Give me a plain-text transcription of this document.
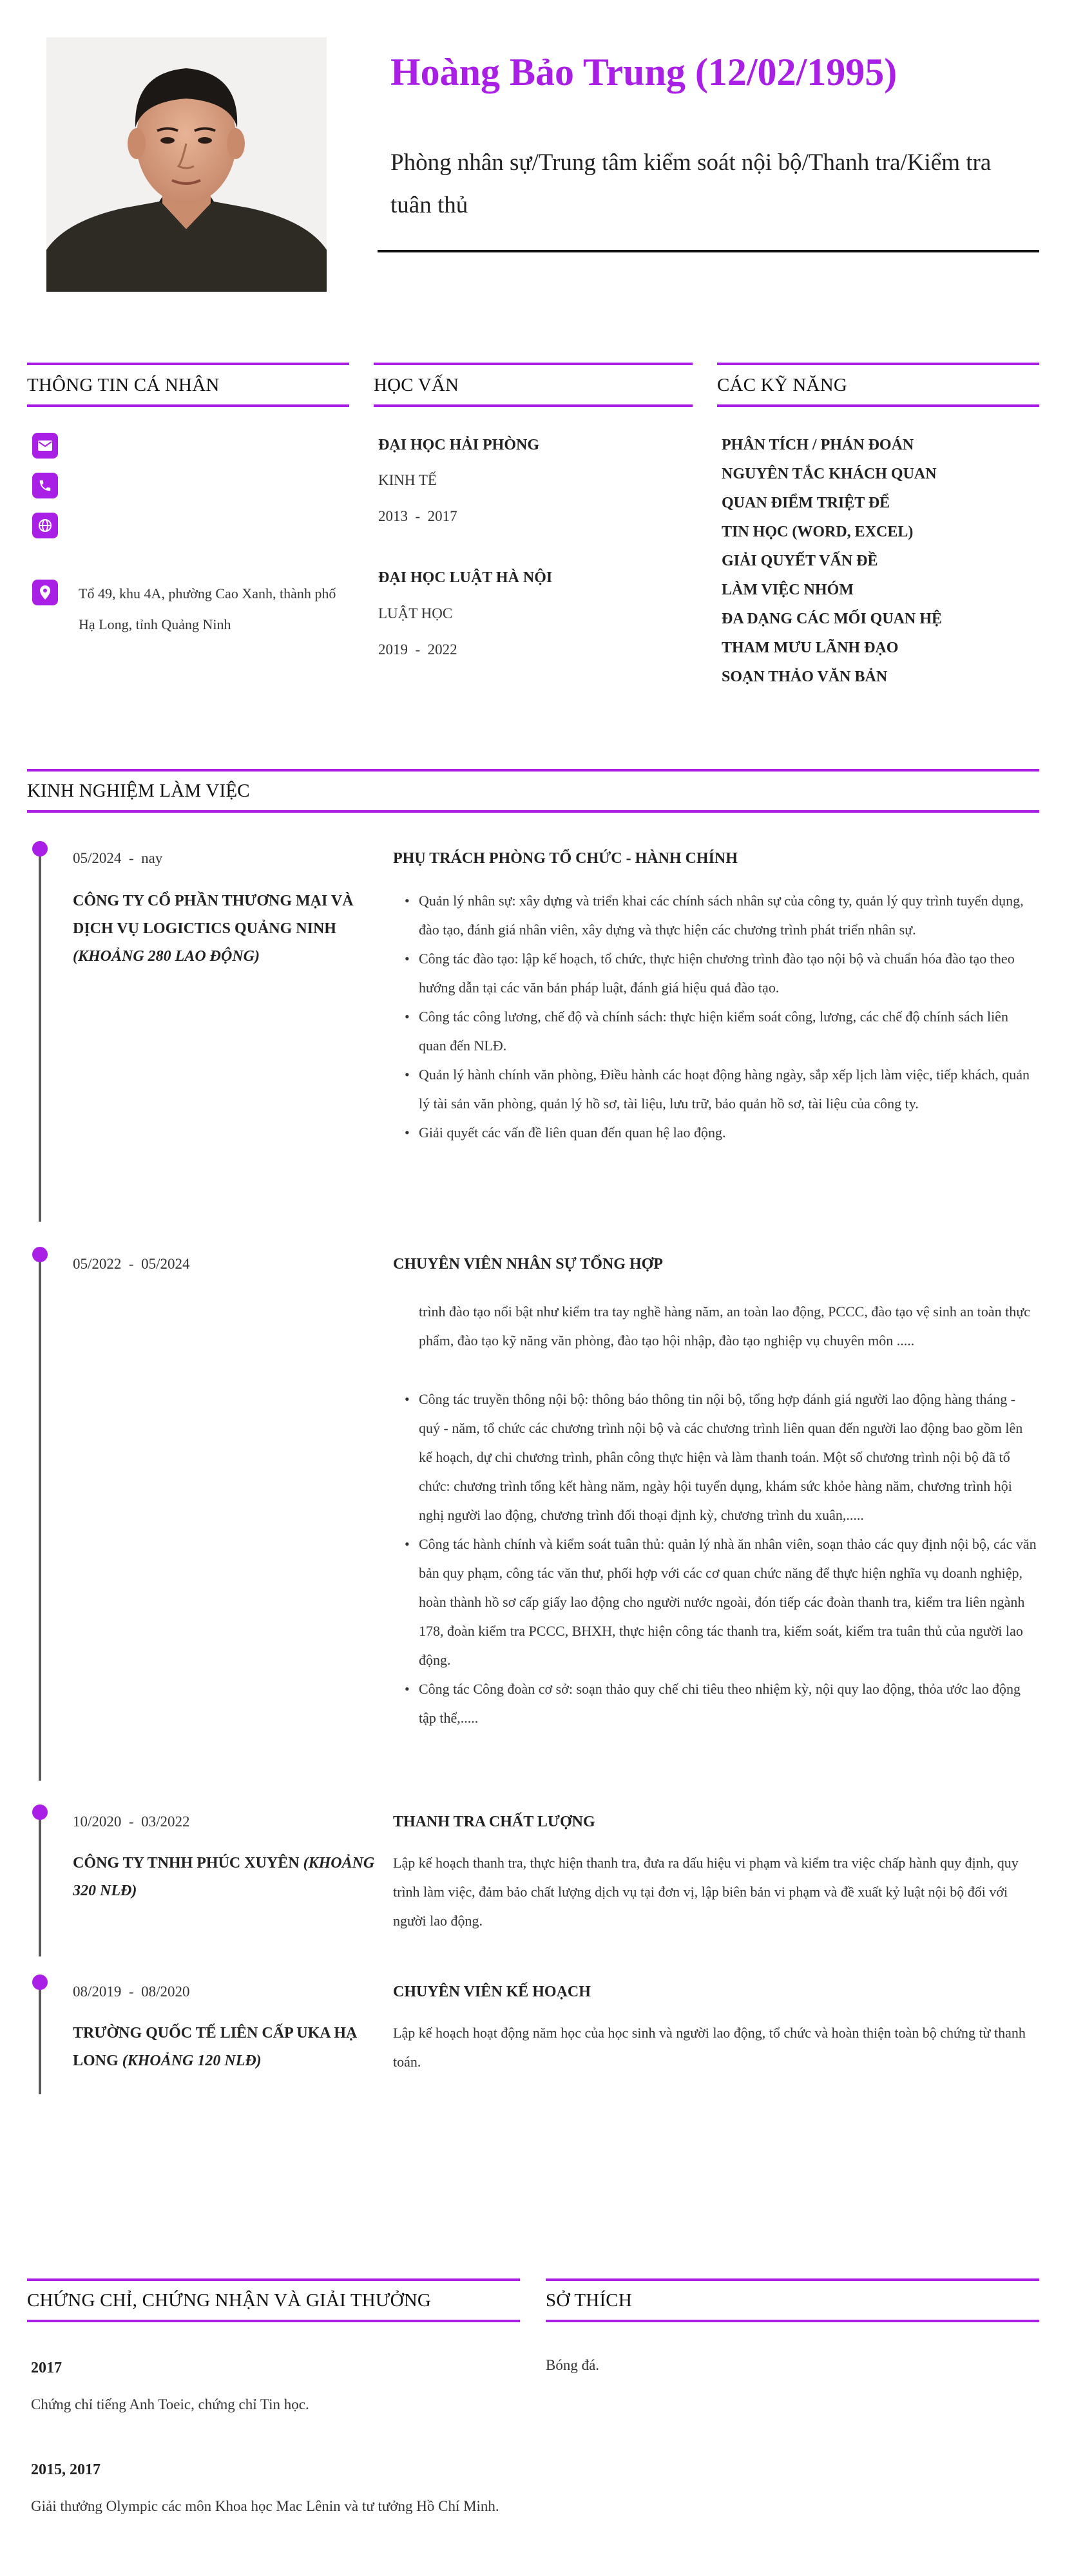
Hoàng Bảo Trung (12/02/1995)
Phòng nhân sự/Trung tâm kiểm soát nội bộ/Thanh tra/Kiểm tra tuân thủ
THÔNG TIN CÁ NHÂN
Tổ 49, khu 4A, phường Cao Xanh, thành phố Hạ Long, tỉnh Quảng Ninh
HỌC VẤN
ĐẠI HỌC HẢI PHÒNG
KINH TẾ
2013  -  2017
ĐẠI HỌC LUẬT HÀ NỘI
LUẬT HỌC
2019  -  2022
CÁC KỸ NĂNG
PHÂN TÍCH / PHÁN ĐOÁN
NGUYÊN TẮC KHÁCH QUAN
QUAN ĐIỂM TRIỆT ĐỂ
TIN HỌC (WORD, EXCEL)
GIẢI QUYẾT VẤN ĐỀ
LÀM VIỆC NHÓM
ĐA DẠNG CÁC MỐI QUAN HỆ
THAM MƯU LÃNH ĐẠO
SOẠN THẢO VĂN BẢN
KINH NGHIỆM LÀM VIỆC
05/2024  -  nay
CÔNG TY CỔ PHẦN THƯƠNG MẠI VÀ DỊCH VỤ LOGICTICS QUẢNG NINH (KHOẢNG 280 LAO ĐỘNG)
PHỤ TRÁCH PHÒNG TỔ CHỨC - HÀNH CHÍNH
• Quản lý nhân sự: xây dựng và triển khai các chính sách nhân sự của công ty, quản lý quy trình tuyển dụng, đào tạo, đánh giá nhân viên, xây dựng và thực hiện các chương trình phát triển nhân sự.
• Công tác đào tạo: lập kế hoạch, tổ chức, thực hiện chương trình đào tạo nội bộ và chuẩn hóa đào tạo theo hướng dẫn tại các văn bản pháp luật, đánh giá hiệu quả đào tạo.
• Công tác công lương, chế độ và chính sách: thực hiện kiểm soát công, lương, các chế độ chính sách liên quan đến NLĐ.
• Quản lý hành chính văn phòng, Điều hành các hoạt động hàng ngày, sắp xếp lịch làm việc, tiếp khách, quản lý tài sản văn phòng, quản lý hồ sơ, tài liệu, lưu trữ, bảo quản hồ sơ, tài liệu của công ty.
• Giải quyết các vấn đề liên quan đến quan hệ lao động.
05/2022  -  05/2024	CHUYÊN VIÊN NHÂN SỰ TỔNG HỢP
trình đào tạo nổi bật như kiểm tra tay nghề hàng năm, an toàn lao động, PCCC, đào tạo vệ sinh an toàn thực phẩm, đào tạo kỹ năng văn phòng, đào tạo hội nhập, đào tạo nghiệp vụ chuyên môn .....
• Công tác truyền thông nội bộ: thông báo thông tin nội bộ, tổng hợp đánh giá người lao động hàng tháng - quý - năm, tổ chức các chương trình nội bộ và các chương trình liên quan đến người lao động bao gồm lên kế hoạch, dự chi chương trình, phân công thực hiện và làm thanh toán. Một số chương trình nội bộ đã tổ chức: chương trình tổng kết hàng năm, ngày hội tuyển dụng, khám sức khỏe hàng năm, chương trình hội nghị người lao động, chương trình đối thoại định kỳ, chương trình du xuân,.....
• Công tác hành chính và kiểm soát tuân thủ: quản lý nhà ăn nhân viên, soạn thảo các quy định nội bộ, các văn bản quy phạm, công tác văn thư, phối hợp với các cơ quan chức năng để thực hiện nghĩa vụ doanh nghiệp, hoàn thành hồ sơ cấp giấy lao động cho người nước ngoài, đón tiếp các đoàn thanh tra, kiểm tra liên ngành 178, đoàn kiểm tra PCCC, BHXH, thực hiện công tác thanh tra, kiểm soát, kiểm tra tuân thủ của người lao động.
• Công tác Công đoàn cơ sở: soạn thảo quy chế chi tiêu theo nhiệm kỳ, nội quy lao động, thỏa ước lao động tập thể,.....
10/2020  -  03/2022
CÔNG TY TNHH PHÚC XUYÊN (KHOẢNG 320 NLĐ)
THANH TRA CHẤT LƯỢNG
Lập kế hoạch thanh tra, thực hiện thanh tra, đưa ra dấu hiệu vi phạm và kiểm tra việc chấp hành quy định, quy trình làm việc, đảm bảo chất lượng dịch vụ tại đơn vị, lập biên bản vi phạm và đề xuất kỷ luật nội bộ đối với người lao động.
08/2019  -  08/2020
TRƯỜNG QUỐC TẾ LIÊN CẤP UKA HẠ LONG (KHOẢNG 120 NLĐ)
CHUYÊN VIÊN KẾ HOẠCH
Lập kế hoạch hoạt động năm học của học sinh và người lao động, tổ chức và hoàn thiện toàn bộ chứng từ thanh toán.
CHỨNG CHỈ, CHỨNG NHẬN VÀ GIẢI THƯỞNG
2017
Chứng chỉ tiếng Anh Toeic, chứng chỉ Tin học.
2015, 2017
Giải thưởng Olympic các môn Khoa học Mac Lênin và tư tưởng Hồ Chí Minh.
SỞ THÍCH
Bóng đá.
